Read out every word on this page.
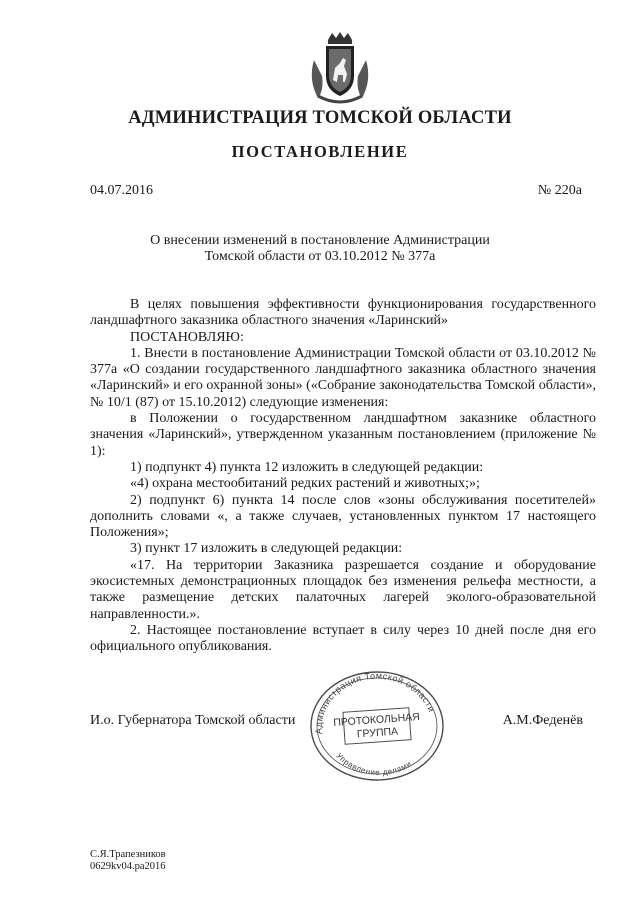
АДМИНИСТРАЦИЯ ТОМСКОЙ ОБЛАСТИ
ПОСТАНОВЛЕНИЕ
04.07.2016	№ 220а
О внесении изменений в постановление Администрации
Томской области от 03.10.2012 № 377а

В целях повышения эффективности функционирования государственного ландшафтного заказника областного значения «Ларинский»

ПОСТАНОВЛЯЮ:

1. Внести в постановление Администрации Томской области от 03.10.2012 № 377а «О создании государственного ландшафтного заказника областного значения «Ларинский» и его охранной зоны» («Собрание законодательства Томской области», № 10/1 (87) от 15.10.2012) следующие изменения:

в Положении о государственном ландшафтном заказнике областного значения «Ларинский», утвержденном указанным постановлением (приложение № 1):

1) подпункт 4) пункта 12 изложить в следующей редакции:

«4) охрана местообитаний редких растений и животных;»;

2) подпункт 6) пункта 14 после слов «зоны обслуживания посетителей» дополнить словами «, а также случаев, установленных пунктом 17 настоящего Положения»;

3) пункт 17 изложить в следующей редакции:

«17. На территории Заказника разрешается создание и оборудование экосистемных демонстрационных площадок без изменения рельефа местности, а также размещение детских палаточных лагерей эколого-образовательной направленности.».

2. Настоящее постановление вступает в силу через 10 дней после дня его официального опубликования.

И.о. Губернатора Томской области	А.М.Феденёв
Администрация Томской области
ПРОТОКОЛЬНАЯ
ГРУППА
Управление делами
С.Я.Трапезников
0629kv04.ра2016
